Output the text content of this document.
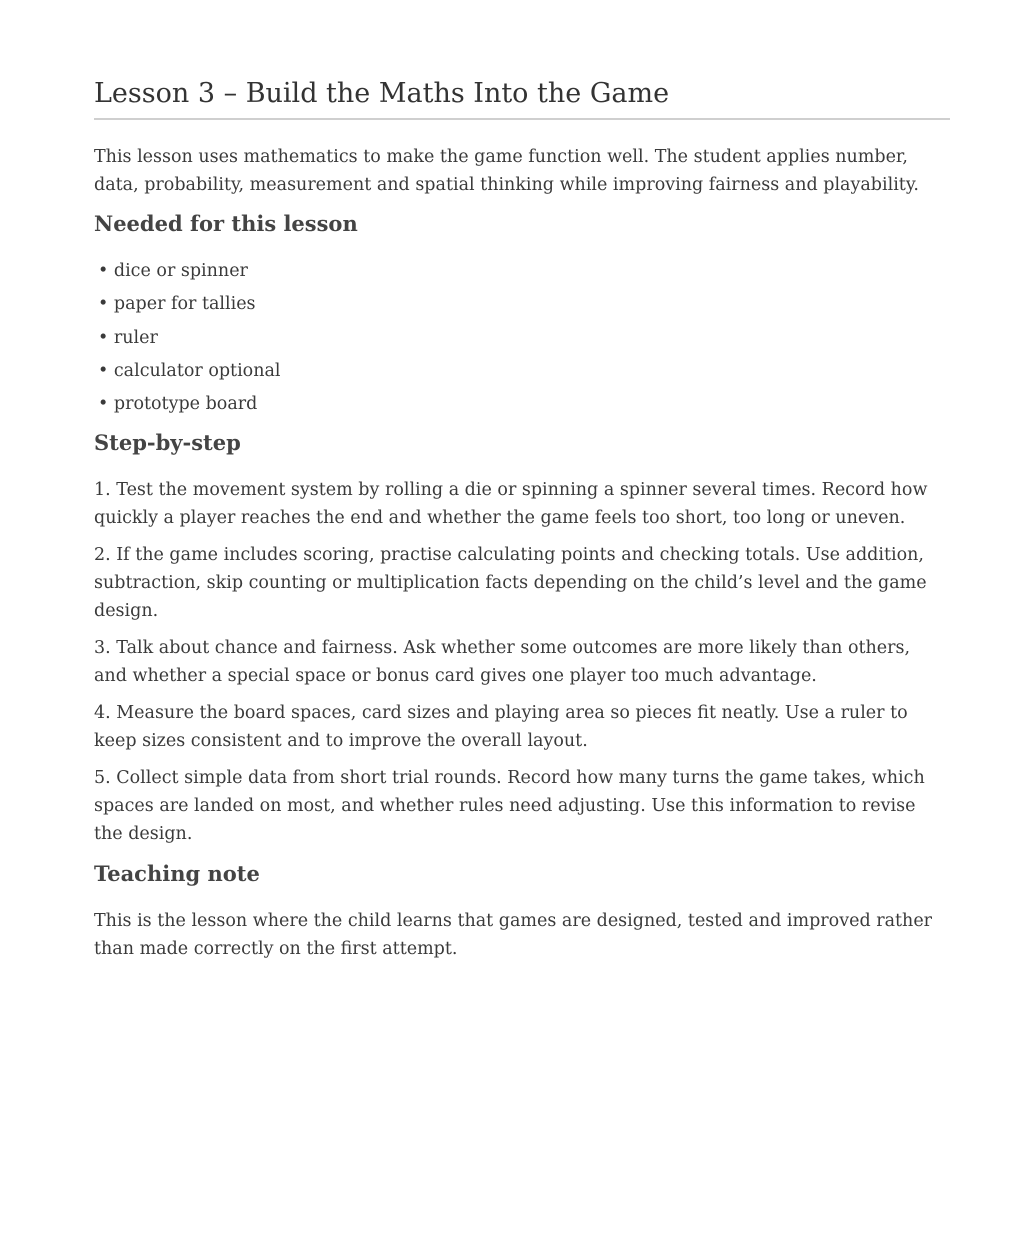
Lesson 3 – Build the Maths Into the Game

This lesson uses mathematics to make the game function well. The student applies number, data, probability, measurement and spatial thinking while improving fairness and playability.

Needed for this lesson
• dice or spinner
• paper for tallies
• ruler
• calculator optional
• prototype board
Step-by-step

1. Test the movement system by rolling a die or spinning a spinner several times. Record how quickly a player reaches the end and whether the game feels too short, too long or uneven.

2. If the game includes scoring, practise calculating points and checking totals. Use addition, subtraction, skip counting or multiplication facts depending on the child’s level and the game design.

3. Talk about chance and fairness. Ask whether some outcomes are more likely than others, and whether a special space or bonus card gives one player too much advantage.

4. Measure the board spaces, card sizes and playing area so pieces fit neatly. Use a ruler to keep sizes consistent and to improve the overall layout.

5. Collect simple data from short trial rounds. Record how many turns the game takes, which spaces are landed on most, and whether rules need adjusting. Use this information to revise the design.

Teaching note

This is the lesson where the child learns that games are designed, tested and improved rather than made correctly on the first attempt.
